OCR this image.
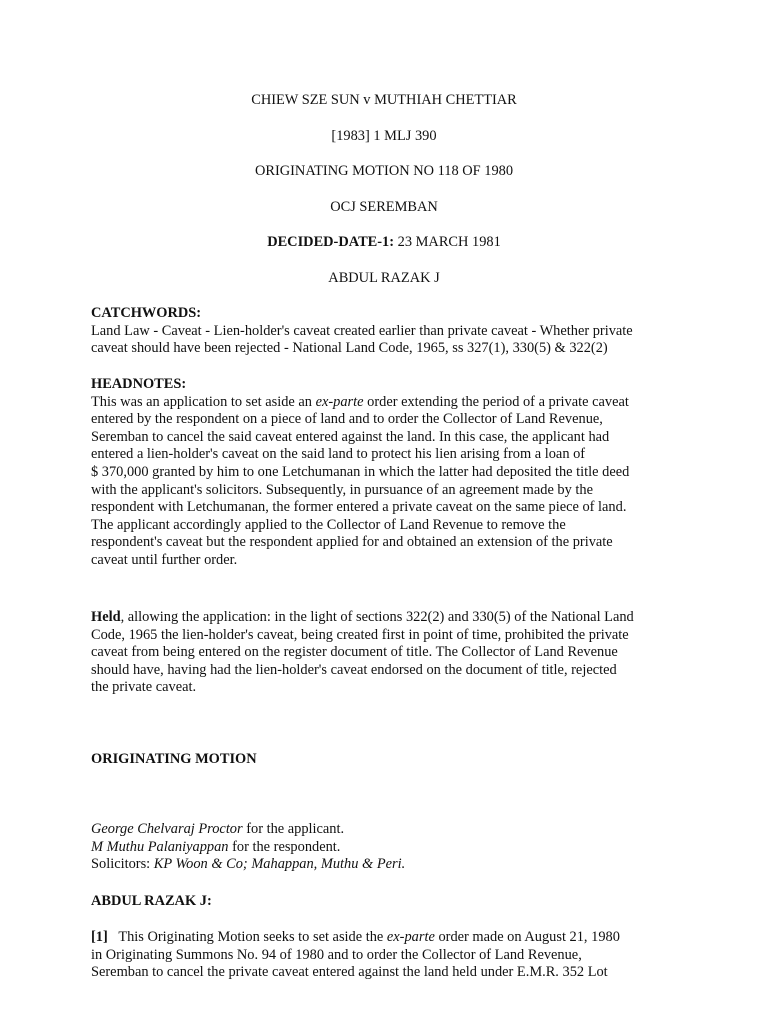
CHIEW SZE SUN v MUTHIAH CHETTIAR
[1983] 1 MLJ 390
ORIGINATING MOTION NO 118 OF 1980
OCJ SEREMBAN
DECIDED-DATE-1: 23 MARCH 1981
ABDUL RAZAK J
CATCHWORDS:
Land Law - Caveat - Lien-holder's caveat created earlier than private caveat - Whether private
caveat should have been rejected - National Land Code, 1965, ss 327(1), 330(5) & 322(2)
HEADNOTES:
This was an application to set aside an ex-parte order extending the period of a private caveat
entered by the respondent on a piece of land and to order the Collector of Land Revenue,
Seremban to cancel the said caveat entered against the land. In this case, the applicant had
entered a lien-holder's caveat on the said land to protect his lien arising from a loan of
$ 370,000 granted by him to one Letchumanan in which the latter had deposited the title deed
with the applicant's solicitors. Subsequently, in pursuance of an agreement made by the
respondent with Letchumanan, the former entered a private caveat on the same piece of land.
The applicant accordingly applied to the Collector of Land Revenue to remove the
respondent's caveat but the respondent applied for and obtained an extension of the private
caveat until further order.
Held, allowing the application: in the light of sections 322(2) and 330(5) of the National Land
Code, 1965 the lien-holder's caveat, being created first in point of time, prohibited the private
caveat from being entered on the register document of title. The Collector of Land Revenue
should have, having had the lien-holder's caveat endorsed on the document of title, rejected
the private caveat.
ORIGINATING MOTION
George Chelvaraj Proctor for the applicant.
M Muthu Palaniyappan for the respondent.
Solicitors: KP Woon & Co; Mahappan, Muthu & Peri.
ABDUL RAZAK J:
[1]   This Originating Motion seeks to set aside the ex-parte order made on August 21, 1980
in Originating Summons No. 94 of 1980 and to order the Collector of Land Revenue,
Seremban to cancel the private caveat entered against the land held under E.M.R. 352 Lot
